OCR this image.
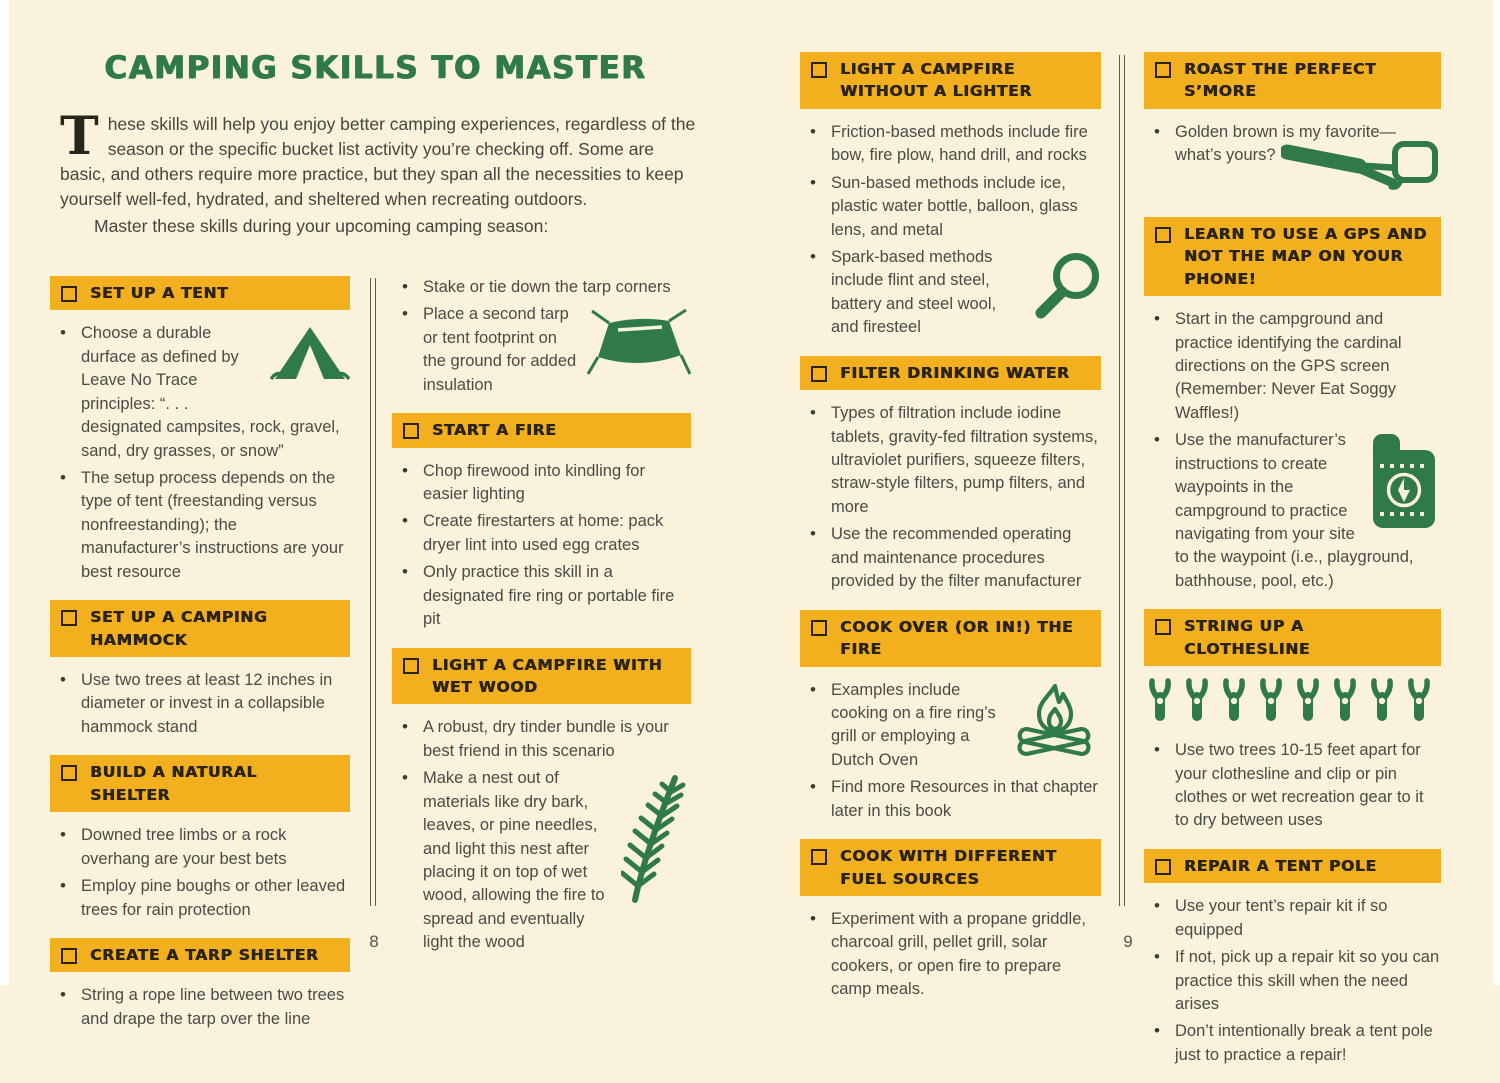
CAMPING SKILLS TO MASTER
These skills will help you enjoy better camping experiences, regardless of the season or the specific bucket list activity you’re checking off. Some are basic, and others require more practice, but they span all the necessities to keep yourself well-fed, hydrated, and sheltered when recreating outdoors.
Master these skills during your upcoming camping season:
SET UP A TENT
• Choose a durable durface as defined by Leave No Trace principles: “. . . designated campsites, rock, gravel, sand, dry grasses, or snow”
• The setup process depends on the type of tent (freestanding versus nonfreestanding); the manufacturer’s instructions are your best resource
SET UP A CAMPING HAMMOCK
• Use two trees at least 12 inches in diameter or invest in a collapsible hammock stand
BUILD A NATURAL SHELTER
• Downed tree limbs or a rock overhang are your best bets
• Employ pine boughs or other leaved trees for rain protection
CREATE A TARP SHELTER
• String a rope line between two trees and drape the tarp over the line
• Stake or tie down the tarp corners
• Place a second tarp or tent footprint on the ground for added insulation
START A FIRE
• Chop firewood into kindling for easier lighting
• Create firestarters at home: pack dryer lint into used egg crates
• Only practice this skill in a designated fire ring or portable fire pit
LIGHT A CAMPFIRE WITH WET WOOD
• A robust, dry tinder bundle is your best friend in this scenario
• Make a nest out of materials like dry bark, leaves, or pine needles, and light this nest after placing it on top of wet wood, allowing the fire to spread and eventually light the wood
8
LIGHT A CAMPFIRE WITHOUT A LIGHTER
• Friction-based methods include fire bow, fire plow, hand drill, and rocks
• Sun-based methods include ice, plastic water bottle, balloon, glass lens, and metal
• Spark-based methods include flint and steel, battery and steel wool, and firesteel
FILTER DRINKING WATER
• Types of filtration include iodine tablets, gravity-fed filtration systems, ultraviolet purifiers, squeeze filters, straw-style filters, pump filters, and more
• Use the recommended operating and maintenance procedures provided by the filter manufacturer
COOK OVER (OR IN!) THE FIRE
• Examples include cooking on a fire ring’s grill or employing a Dutch Oven
• Find more Resources in that chapter later in this book
COOK WITH DIFFERENT FUEL SOURCES
• Experiment with a propane griddle, charcoal grill, pellet grill, solar cookers, or open fire to prepare camp meals.
ROAST THE PERFECT S’MORE
• Golden brown is my favorite—what’s yours?
LEARN TO USE A GPS AND NOT THE MAP ON YOUR PHONE!
• Start in the campground and practice identifying the cardinal directions on the GPS screen (Remember: Never Eat Soggy Waffles!)
• Use the manufacturer’s instructions to create waypoints in the campground to practice navigating from your site to the waypoint (i.e., playground, bathhouse, pool, etc.)
STRING UP A CLOTHESLINE
• Use two trees 10-15 feet apart for your clothesline and clip or pin clothes or wet recreation gear to it to dry between uses
REPAIR A TENT POLE
• Use your tent’s repair kit if so equipped
• If not, pick up a repair kit so you can practice this skill when the need arises
• Don’t intentionally break a tent pole just to practice a repair!
9
